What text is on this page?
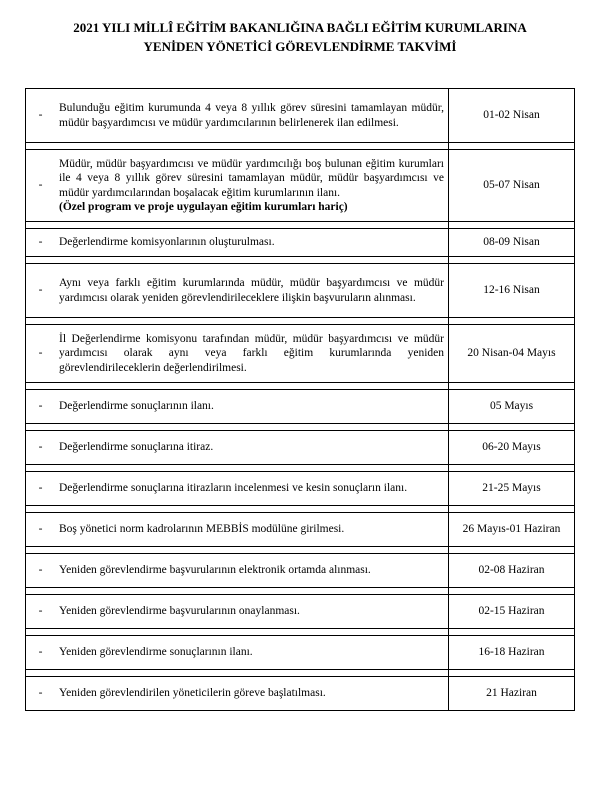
2021 YILI MİLLÎ EĞİTİM BAKANLIĞINA BAĞLI EĞİTİM KURUMLARINA
YENİDEN YÖNETİCİ GÖREVLENDİRME TAKVİMİ
-	Bulunduğu eğitim kurumunda 4 veya 8 yıllık görev süresini tamamlayan müdür, müdür başyardımcısı ve müdür yardımcılarının belirlenerek ilan edilmesi.	01-02 Nisan

-	Müdür, müdür başyardımcısı ve müdür yardımcılığı boş bulunan eğitim kurumları ile 4 veya 8 yıllık görev süresini tamamlayan müdür, müdür başyardımcısı ve müdür yardımcılarından boşalacak eğitim kurumlarının ilanı.
(Özel program ve proje uygulayan eğitim kurumları hariç)	05-07 Nisan

-	Değerlendirme komisyonlarının oluşturulması.	08-09 Nisan

-	Aynı veya farklı eğitim kurumlarında müdür, müdür başyardımcısı ve müdür yardımcısı olarak yeniden görevlendirileceklere ilişkin başvuruların alınması.	12-16 Nisan

-	İl Değerlendirme komisyonu tarafından müdür, müdür başyardımcısı ve müdür yardımcısı olarak aynı veya farklı eğitim kurumlarında yeniden görevlendirileceklerin değerlendirilmesi.	20 Nisan-04 Mayıs

-	Değerlendirme sonuçlarının ilanı.	05 Mayıs

-	Değerlendirme sonuçlarına itiraz.	06-20 Mayıs

-	Değerlendirme sonuçlarına itirazların incelenmesi ve kesin sonuçların ilanı.	21-25 Mayıs

-	Boş yönetici norm kadrolarının MEBBİS modülüne girilmesi.	26 Mayıs-01 Haziran

-	Yeniden görevlendirme başvurularının elektronik ortamda alınması.	02-08 Haziran

-	Yeniden görevlendirme başvurularının onaylanması.	02-15 Haziran

-	Yeniden görevlendirme sonuçlarının ilanı.	16-18 Haziran

-	Yeniden görevlendirilen yöneticilerin göreve başlatılması.	21 Haziran
